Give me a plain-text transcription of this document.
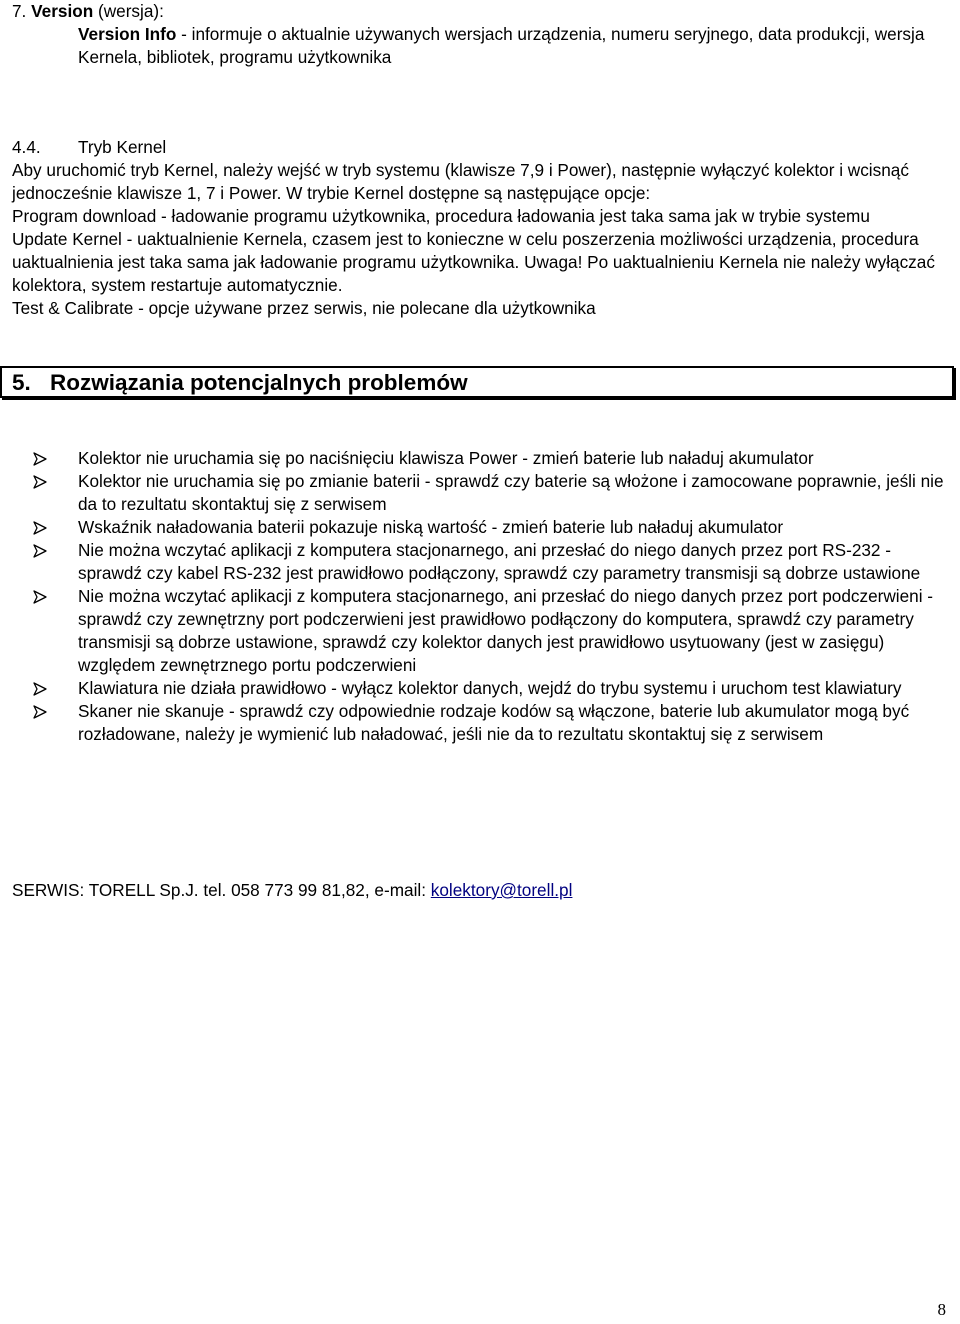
7. Version (wersja):

Version Info - informuje o aktualnie używanych wersjach urządzenia, numeru seryjnego, data produkcji, wersja Kernela, bibliotek, programu użytkownika

4.4. Tryb Kernel

Aby uruchomić tryb Kernel, należy wejść w tryb systemu (klawisze 7,9 i Power), następnie wyłączyć kolektor i wcisnąć jednocześnie klawisze 1, 7 i Power. W trybie Kernel dostępne są następujące opcje:

Program download - ładowanie programu użytkownika, procedura ładowania jest taka sama jak w trybie systemu

Update Kernel - uaktualnienie Kernela, czasem jest to konieczne w celu poszerzenia możliwości urządzenia, procedura uaktualnienia jest taka sama jak ładowanie programu użytkownika. Uwaga! Po uaktualnieniu Kernela nie należy wyłączać kolektora, system restartuje automatycznie.

Test & Calibrate - opcje używane przez serwis, nie polecane dla użytkownika

5. Rozwiązania potencjalnych problemów
Kolektor nie uruchamia się po naciśnięciu klawisza Power - zmień baterie lub naładuj akumulator
Kolektor nie uruchamia się po zmianie baterii - sprawdź czy baterie są włożone i zamocowane poprawnie, jeśli nie da to rezultatu skontaktuj się z serwisem
Wskaźnik naładowania baterii pokazuje niską wartość - zmień baterie lub naładuj akumulator
Nie można wczytać aplikacji z komputera stacjonarnego, ani przesłać do niego danych przez port RS-232 - sprawdź czy kabel RS-232 jest prawidłowo podłączony, sprawdź czy parametry transmisji są dobrze ustawione
Nie można wczytać aplikacji z komputera stacjonarnego, ani przesłać do niego danych przez port podczerwieni - sprawdź czy zewnętrzny port podczerwieni jest prawidłowo podłączony do komputera, sprawdź czy parametry transmisji są dobrze ustawione, sprawdź czy kolektor danych jest prawidłowo usytuowany (jest w zasięgu) względem zewnętrznego portu podczerwieni
Klawiatura nie działa prawidłowo - wyłącz kolektor danych, wejdź do trybu systemu i uruchom test klawiatury
Skaner nie skanuje - sprawdź czy odpowiednie rodzaje kodów są włączone, baterie lub akumulator mogą być rozładowane, należy je wymienić lub naładować, jeśli nie da to rezultatu skontaktuj się z serwisem
SERWIS: TORELL Sp.J. tel. 058 773 99 81,82, e-mail: kolektory@torell.pl
8
